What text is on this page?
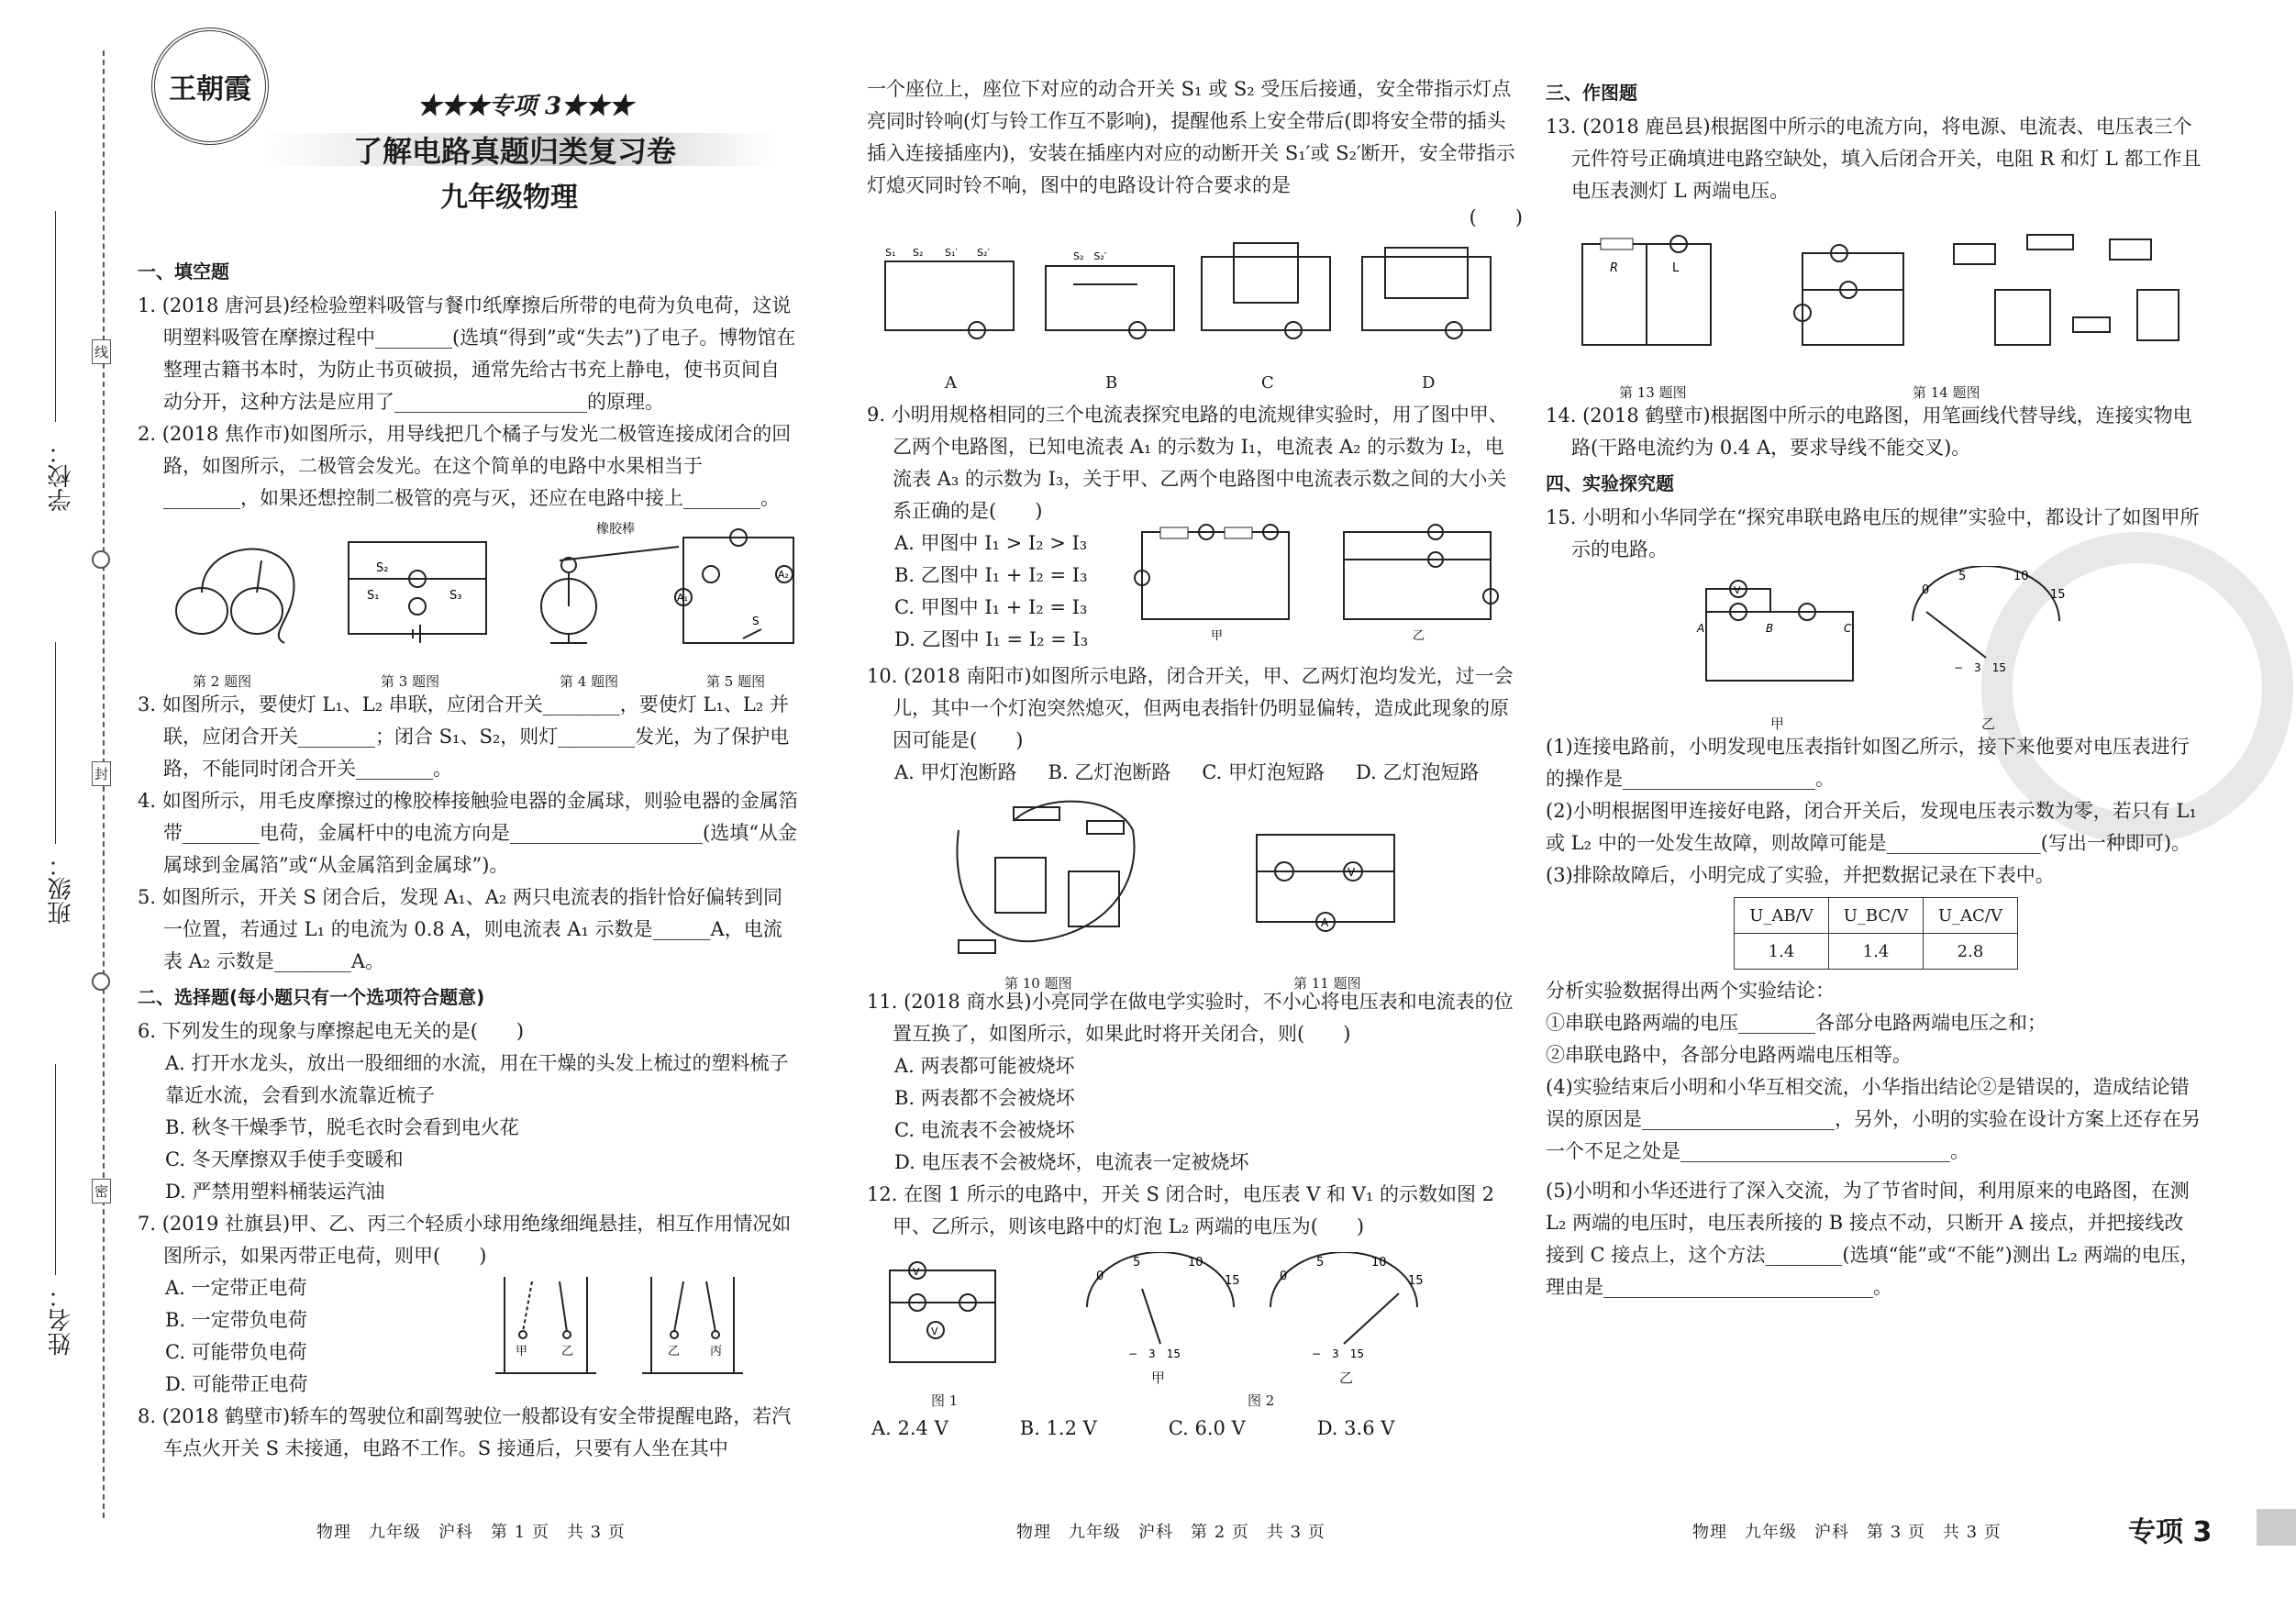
学校：
班级：
姓名：
线
封
密
王朝霞
★★★专项 3★★★
了解电路真题归类复习卷
九年级物理

一、填空题

1. (2018 唐河县)经检验塑料吸管与餐巾纸摩擦后所带的电荷为负电荷，这说明塑料吸管在摩擦过程中________(选填“得到”或“失去”)了电子。博物馆在整理古籍书本时，为防止书页破损，通常先给古书充上静电，使书页间自动分开，这种方法是应用了____________________的原理。

2. (2018 焦作市)如图所示，用导线把几个橘子与发光二极管连接成闭合的回路，如图所示，二极管会发光。在这个简单的电路中水果相当于________，如果还想控制二极管的亮与灭，还应在电路中接上________。

S₂
S₃
S₁
橡胶棒
A₁
A₂
S
第 2 题图	第 3 题图	第 4 题图	第 5 题图

3. 如图所示，要使灯 L₁、L₂ 串联，应闭合开关________，要使灯 L₁、L₂ 并联，应闭合开关________；闭合 S₁、S₂，则灯________发光，为了保护电路，不能同时闭合开关________。

4. 如图所示，用毛皮摩擦过的橡胶棒接触验电器的金属球，则验电器的金属箔带________电荷，金属杆中的电流方向是____________________(选填“从金属球到金属箔”或“从金属箔到金属球”)。

5. 如图所示，开关 S 闭合后，发现 A₁、A₂ 两只电流表的指针恰好偏转到同一位置，若通过 L₁ 的电流为 0.8 A，则电流表 A₁ 示数是______A，电流表 A₂ 示数是________A。

二、选择题(每小题只有一个选项符合题意)

6. 下列发生的现象与摩擦起电无关的是(　　)

A. 打开水龙头，放出一股细细的水流，用在干燥的头发上梳过的塑料梳子靠近水流，会看到水流靠近梳子

B. 秋冬干燥季节，脱毛衣时会看到电火花

C. 冬天摩擦双手使手变暖和

D. 严禁用塑料桶装运汽油

7. (2019 社旗县)甲、乙、丙三个轻质小球用绝缘细绳悬挂，相互作用情况如图所示，如果丙带正电荷，则甲(　　)

A. 一定带正电荷

B. 一定带负电荷

C. 可能带负电荷

D. 可能带正电荷

甲	乙	乙	丙

8. (2018 鹤壁市)轿车的驾驶位和副驾驶位一般都设有安全带提醒电路，若汽车点火开关 S 未接通，电路不工作。S 接通后，只要有人坐在其中

物理　九年级　沪科　第 1 页　共 3 页

一个座位上，座位下对应的动合开关 S₁ 或 S₂ 受压后接通，安全带指示灯点亮同时铃响(灯与铃工作互不影响)，提醒他系上安全带后(即将安全带的插头插入连接插座内)，安装在插座内对应的动断开关 S₁′或 S₂′断开，安全带指示灯熄灭同时铃不响，图中的电路设计符合要求的是

(　　)

S₁ S₂ S₁′ S₂′	S₂　S₂′
A	B	C	D

9. 小明用规格相同的三个电流表探究电路的电流规律实验时，用了图中甲、乙两个电路图，已知电流表 A₁ 的示数为 I₁，电流表 A₂ 的示数为 I₂，电流表 A₃ 的示数为 I₃，关于甲、乙两个电路图中电流表示数之间的大小关系正确的是(　　)

A. 甲图中 I₁ > I₂ > I₃

B. 乙图中 I₁ + I₂ = I₃

C. 甲图中 I₁ + I₂ = I₃

D. 乙图中 I₁ = I₂ = I₃	甲	乙

10. (2018 南阳市)如图所示电路，闭合开关，甲、乙两灯泡均发光，过一会儿，其中一个灯泡突然熄灭，但两电表指针仍明显偏转，造成此现象的原因可能是(　　)

A. 甲灯泡断路 B. 乙灯泡断路 C. 甲灯泡短路 D. 乙灯泡短路
V
A
第 10 题图	第 11 题图

11. (2018 商水县)小亮同学在做电学实验时，不小心将电压表和电流表的位置互换了，如图所示，如果此时将开关闭合，则(　　)

A. 两表都可能被烧坏

B. 两表都不会被烧坏

C. 电流表不会被烧坏

D. 电压表不会被烧坏，电流表一定被烧坏

12. 在图 1 所示的电路中，开关 S 闭合时，电压表 V 和 V₁ 的示数如图 2 甲、乙所示，则该电路中的灯泡 L₂ 两端的电压为(　　)

V
V
0
5	10
15
−　3　15
0
5	10
15
−　3　15
图 1
甲
图 2
乙
A. 2.4 V	B. 1.2 V	C. 6.0 V	D. 3.6 V
物理　九年级　沪科　第 2 页　共 3 页

三、作图题

13. (2018 鹿邑县)根据图中所示的电流方向，将电源、电流表、电压表三个元件符号正确填进电路空缺处，填入后闭合开关，电阻 R 和灯 L 都工作且电压表测灯 L 两端电压。

R	L
第 13 题图	第 14 题图

14. (2018 鹤壁市)根据图中所示的电路图，用笔画线代替导线，连接实物电路(干路电流约为 0.4 A，要求导线不能交叉)。

四、实验探究题

15. 小明和小华同学在“探究串联电路电压的规律”实验中，都设计了如图甲所示的电路。

V
A	B	C
0
5	10
15
−　3　15
甲	乙

(1)连接电路前，小明发现电压表指针如图乙所示，接下来他要对电压表进行的操作是____________________。

(2)小明根据图甲连接好电路，闭合开关后，发现电压表示数为零，若只有 L₁ 或 L₂ 中的一处发生故障，则故障可能是________________(写出一种即可)。

(3)排除故障后，小明完成了实验，并把数据记录在下表中。

U_AB/V	U_BC/V	U_AC/V
1.4	1.4	2.8

分析实验数据得出两个实验结论：

①串联电路两端的电压________各部分电路两端电压之和；

②串联电路中，各部分电路两端电压相等。

(4)实验结束后小明和小华互相交流，小华指出结论②是错误的，造成结论错误的原因是____________________，另外，小明的实验在设计方案上还存在另一个不足之处是____________________________。

(5)小明和小华还进行了深入交流，为了节省时间，利用原来的电路图，在测 L₂ 两端的电压时，电压表所接的 B 接点不动，只断开 A 接点，并把接线改接到 C 接点上，这个方法________(选填“能”或“不能”)测出 L₂ 两端的电压，理由是____________________________。

物理　九年级　沪科　第 3 页　共 3 页	专项 3
